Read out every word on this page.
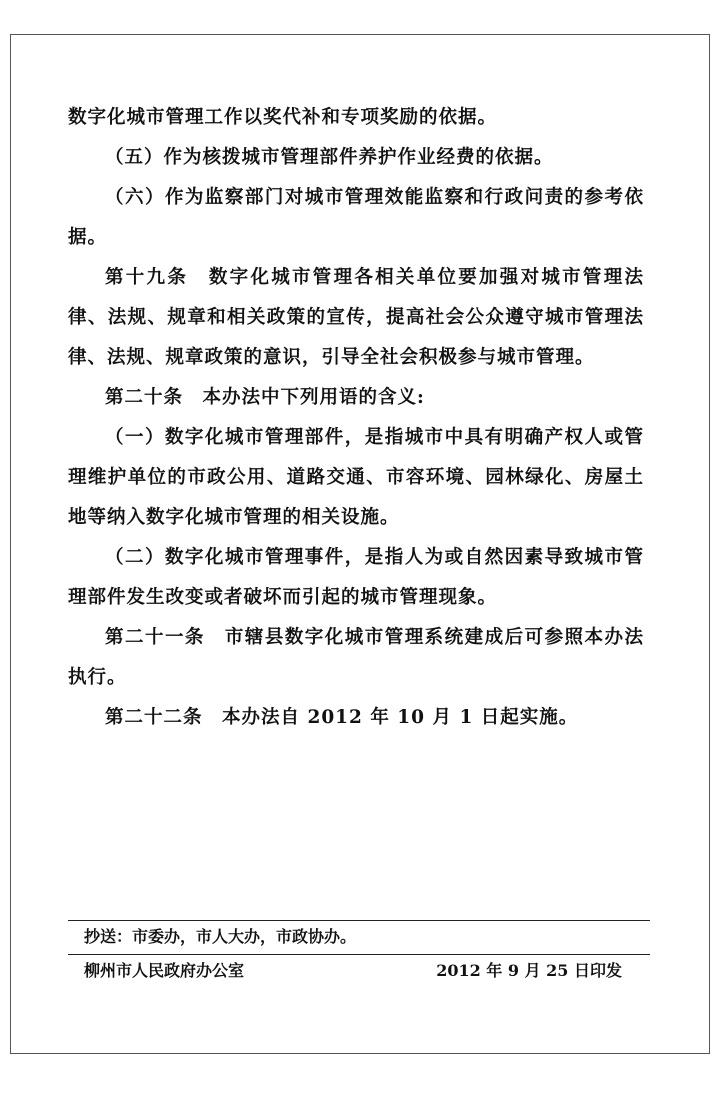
数字化城市管理工作以奖代补和专项奖励的依据。

（五）作为核拨城市管理部件养护作业经费的依据。

（六）作为监察部门对城市管理效能监察和行政问责的参考依据。

第十九条　数字化城市管理各相关单位要加强对城市管理法律、法规、规章和相关政策的宣传，提高社会公众遵守城市管理法律、法规、规章政策的意识，引导全社会积极参与城市管理。

第二十条　本办法中下列用语的含义:

（一）数字化城市管理部件，是指城市中具有明确产权人或管理维护单位的市政公用、道路交通、市容环境、园林绿化、房屋土地等纳入数字化城市管理的相关设施。

（二）数字化城市管理事件，是指人为或自然因素导致城市管理部件发生改变或者破坏而引起的城市管理现象。

第二十一条　市辖县数字化城市管理系统建成后可参照本办法执行。

第二十二条　本办法自 2012 年 10 月 1 日起实施。

抄送：市委办，市人大办，市政协办。
柳州市人民政府办公室	2012 年 9 月 25 日印发
